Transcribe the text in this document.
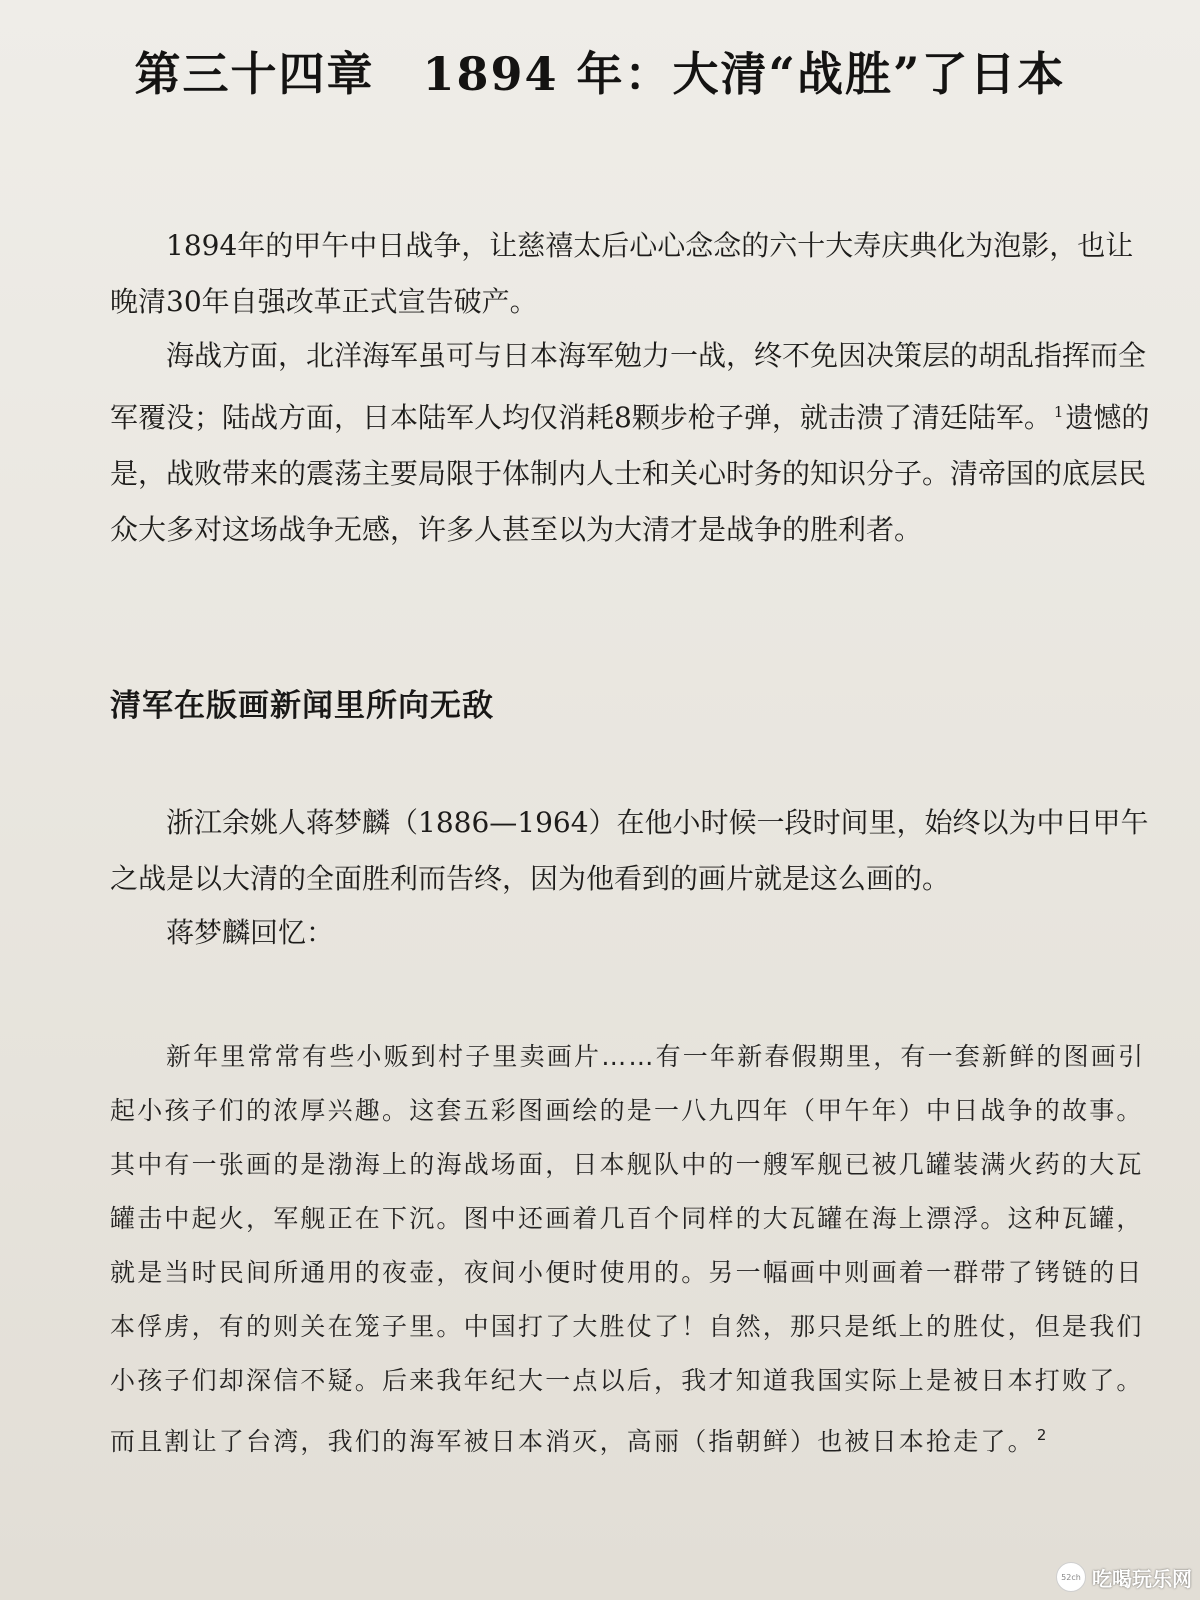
第三十四章　1894 年：大清“战胜”了日本

1894年的甲午中日战争，让慈禧太后心心念念的六十大寿庆典化为泡影，也让晚清30年自强改革正式宣告破产。

海战方面，北洋海军虽可与日本海军勉力一战，终不免因决策层的胡乱指挥而全军覆没；陆战方面，日本陆军人均仅消耗8颗步枪子弹，就击溃了清廷陆军。 $^1$遗憾的是，战败带来的震荡主要局限于体制内人士和关心时务的知识分子。清帝国的底层民众大多对这场战争无感，许多人甚至以为大清才是战争的胜利者。

清军在版画新闻里所向无敌

浙江余姚人蒋梦麟（1886—1964）在他小时候一段时间里，始终以为中日甲午之战是以大清的全面胜利而告终，因为他看到的画片就是这么画的。

蒋梦麟回忆：

新年里常常有些小贩到村子里卖画片……有一年新春假期里，有一套新鲜的图画引起小孩子们的浓厚兴趣。这套五彩图画绘的是一八九四年（甲午年）中日战争的故事。其中有一张画的是渤海上的海战场面，日本舰队中的一艘军舰已被几罐装满火药的大瓦罐击中起火，军舰正在下沉。图中还画着几百个同样的大瓦罐在海上漂浮。这种瓦罐，就是当时民间所通用的夜壶，夜间小便时使用的。另一幅画中则画着一群带了铐链的日本俘虏，有的则关在笼子里。中国打了大胜仗了！自然，那只是纸上的胜仗，但是我们小孩子们却深信不疑。后来我年纪大一点以后，我才知道我国实际上是被日本打败了。而且割让了台湾，我们的海军被日本消灭，高丽（指朝鲜）也被日本抢走了。 $^2$

52ch 吃喝玩乐网
